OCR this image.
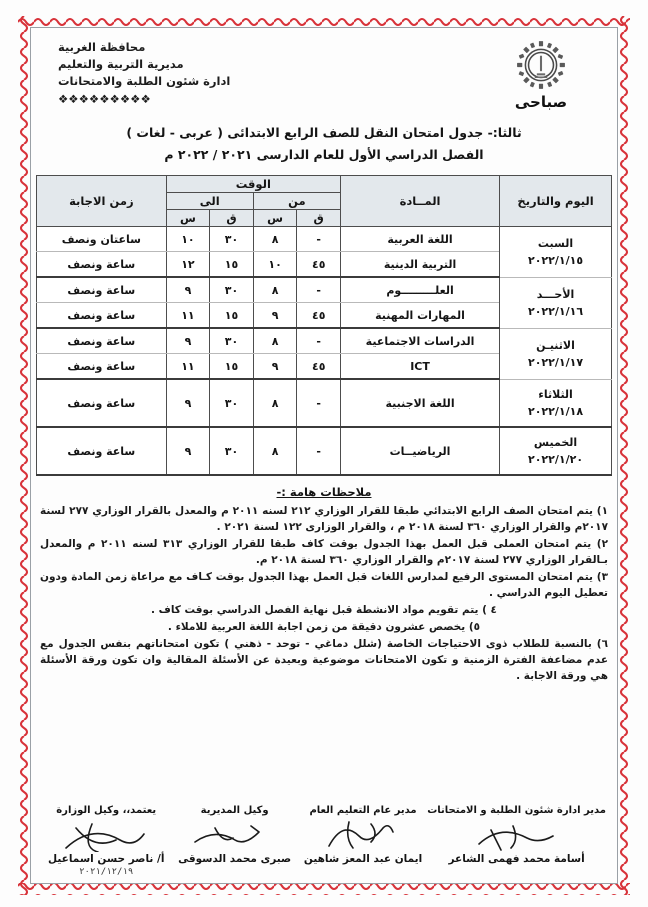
صباحى
محافظة الغربية
مديرية التربية والتعليم
ادارة شئون الطلبة والامتحانات
❖❖❖❖❖❖❖❖❖
ثالثا:- جدول امتحان النقل للصف الرابع الابتدائى ( عربى - لغات )
الفصل الدراسي الأول للعام الدارسى ٢٠٢١ / ٢٠٢٢ م
اليوم والتاريخ	المــادة	الوقت				زمن الاجابة
		من		الى		
		ق	س	ق	س	
السبت
٢٠٢٢/١/١٥	اللغة العربية	-	٨	٣٠	١٠	ساعتان ونصف
	التربية الدينية	٤٥	١٠	١٥	١٢	ساعة ونصف
الأحـــد
٢٠٢٢/١/١٦	العلـــــــــوم	-	٨	٣٠	٩	ساعة ونصف
	المهارات المهنية	٤٥	٩	١٥	١١	ساعة ونصف
الاثنيـن
٢٠٢٢/١/١٧	الدراسات الاجتماعية	-	٨	٣٠	٩	ساعة ونصف
	ICT	٤٥	٩	١٥	١١	ساعة ونصف
الثلاثاء
٢٠٢٢/١/١٨	اللغة الاجنبية	-	٨	٣٠	٩	ساعة ونصف
الخميس
٢٠٢٢/١/٢٠	الرياضيــات	-	٨	٣٠	٩	ساعة ونصف
ملاحظات هامة :-
١) يتم امتحان الصف الرابع الابتدائي طبقا للقرار الوزاري ٢١٢ لسنه ٢٠١١ م والمعدل بالقرار الوزاري ٢٧٧ لسنة ٢٠١٧م والقرار الوزاري ٣٦٠ لسنة ٢٠١٨ م ، والقرار الوزارى ١٢٢ لسنة ٢٠٢١ .
٢) يتم امتحان العملى قبل العمل بهذا الجدول بوقت كاف طبقا للقرار الوزاري ٣١٣ لسنه ٢٠١١ م والمعدل بـالقرار الوزاري ٢٧٧ لسنة ٢٠١٧م والقرار الوزاري ٣٦٠ لسنة ٢٠١٨ م.
٣) يتم امتحان المستوى الرفيع لمدارس اللغات قبل العمل بهذا الجدول بوقت كـاف مع مراعاة زمن المادة ودون تعطيل اليوم الدراسي .
٤ ) يتم تقويم مواد الانشطة قبل نهاية الفصل الدراسي بوقت كاف .
٥) يخصص عشرون دقيقة من زمن اجابة اللغة العربية للاملاء .
٦) بالنسبة للطلاب ذوى الاحتياجات الخاصة (شلل دماغي - توحد - ذهني ) تكون امتحاناتهم بنفس الجدول مع عدم مضاعفة الفترة الزمنية و تكون الامتحانات موضوعية وبعيدة عن الأسئلة المقالية وان تكون ورقة الأسئلة هي ورقة الاجابة .
مدير ادارة شئون الطلبة و الامتحانات
أسامة محمد فهمى الشاعر
مدير عام التعليم العام
ايمان عبد المعز شاهين
وكيل المديرية
صبرى محمد الدسوقى
يعتمد،، وكيل الوزارة
أ/ ناصر حسن اسماعيل
٢٠٢١/١٢/١٩
